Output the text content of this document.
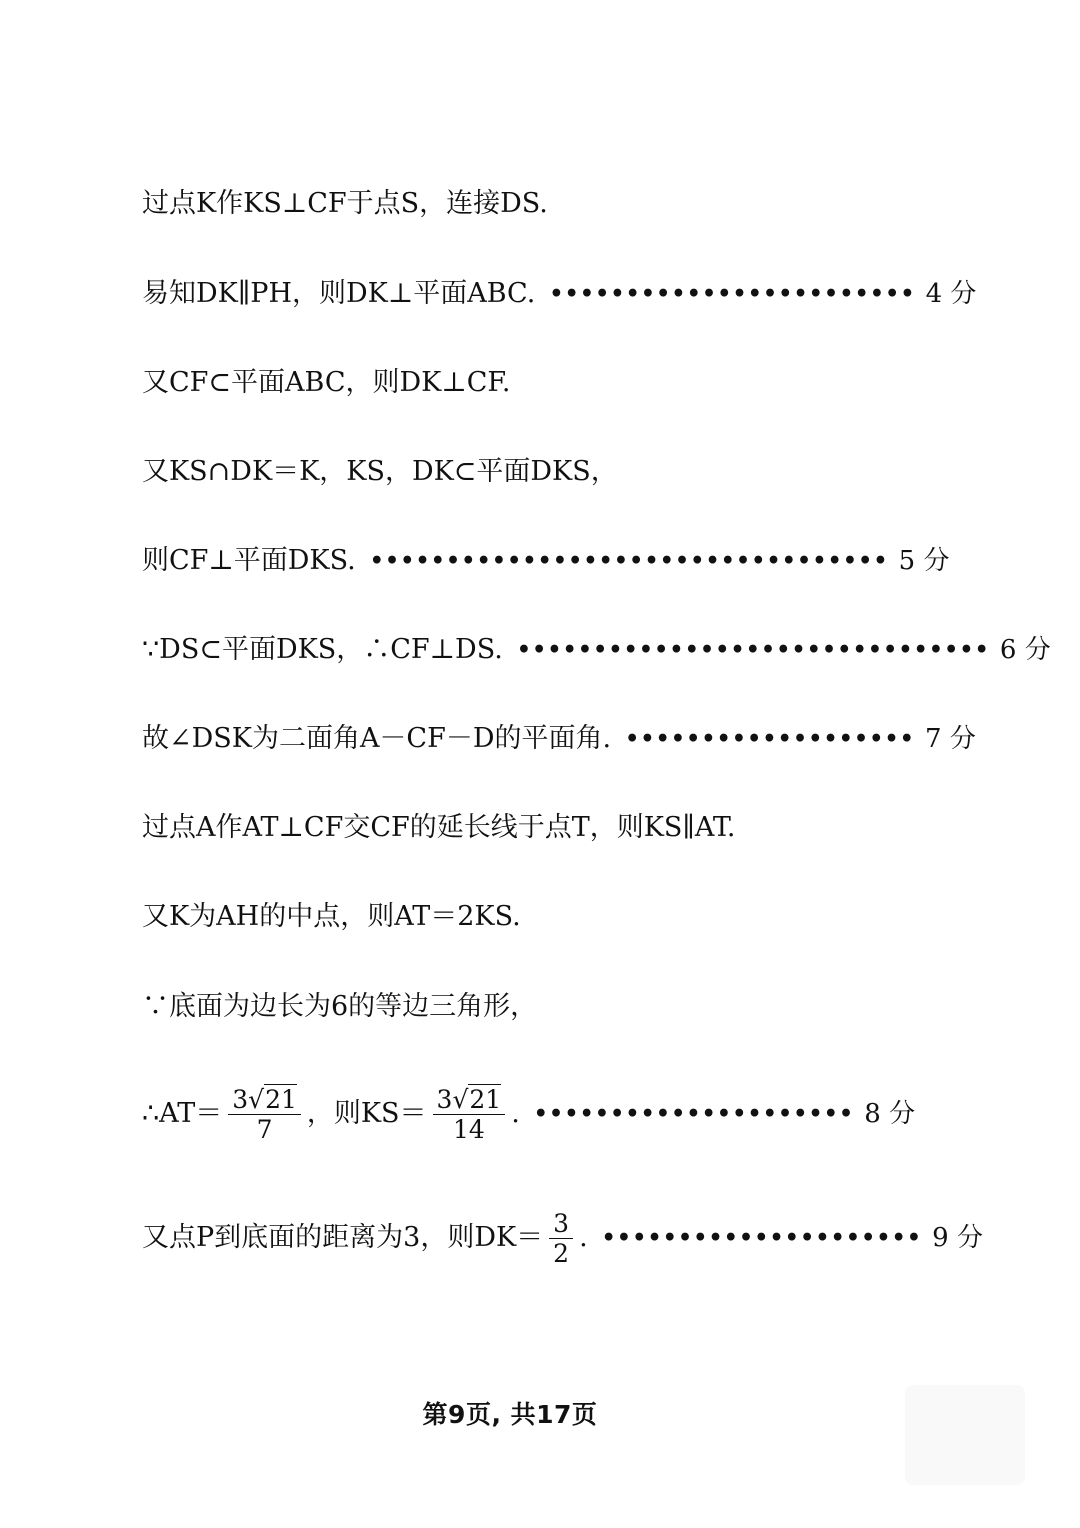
过点K作KS⊥CF于点S，连接DS.
易知DK∥PH，则DK⊥平面ABC. •••••••••••••••••••••••• 4 分
又CF⊂平面ABC，则DK⊥CF.
又KS∩DK＝K，KS，DK⊂平面DKS，
则CF⊥平面DKS. •••••••••••••••••••••••••••••••••• 5 分
∵DS⊂平面DKS，∴CF⊥DS. ••••••••••••••••••••••••••••••• 6 分
故∠DSK为二面角A－CF－D的平面角. ••••••••••••••••••• 7 分
过点A作AT⊥CF交CF的延长线于点T，则KS∥AT.
又K为AH的中点，则AT＝2KS.
∵底面为边长为6的等边三角形，
∴AT＝ $\frac{3√21}{7}$ ，则$KS= \frac{3√21}{14}$ . ••••••••••••••••••••• 8 分
又点P到底面的距离为3，则$DK= \frac{3}{2}$ . ••••••••••••••••••••• 9 分
第9页, 共17页
